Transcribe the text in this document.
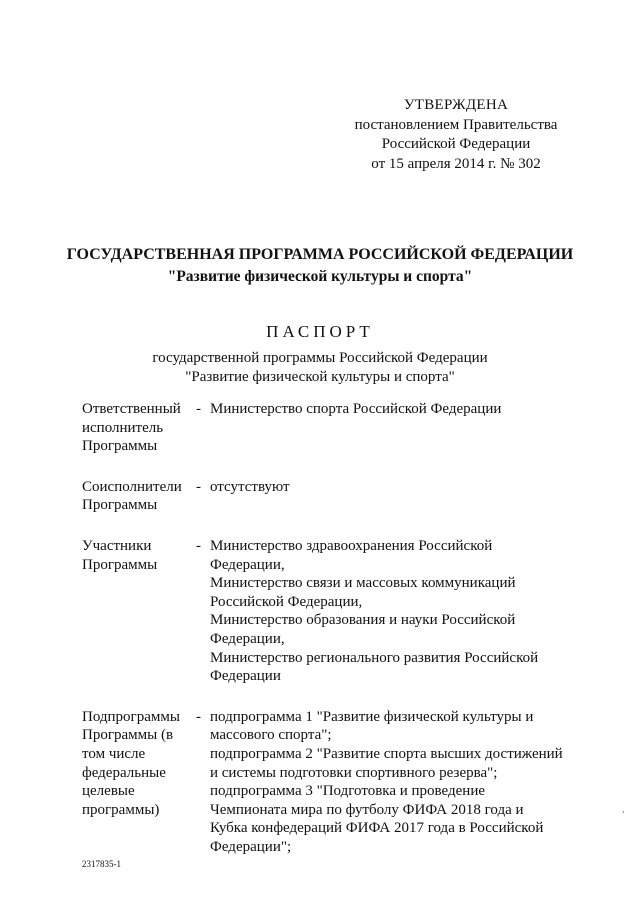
УТВЕРЖДЕНА
постановлением Правительства
Российской Федерации
от 15 апреля 2014 г. № 302
ГОСУДАРСТВЕННАЯ ПРОГРАММА РОССИЙСКОЙ ФЕДЕРАЦИИ
"Развитие физической культуры и спорта"
ПАСПОРТ
государственной программы Российской Федерации
"Развитие физической культуры и спорта"
Ответственный
исполнитель
Программы
- Министерство спорта Российской Федерации
Соисполнители
Программы
- отсутствуют
Участники
Программы
- Министерство здравоохранения Российской
Федерации,
Министерство связи и массовых коммуникаций
Российской Федерации,
Министерство образования и науки Российской
Федерации,
Министерство регионального развития Российской
Федерации
Подпрограммы
Программы (в
том числе
федеральные
целевые
программы)
- подпрограмма 1 "Развитие физической культуры и
массового спорта";
подпрограмма 2 "Развитие спорта высших достижений
и системы подготовки спортивного резерва";
подпрограмма 3 "Подготовка и проведение
Чемпионата мира по футболу ФИФА 2018 года и
Кубка конфедераций ФИФА 2017 года в Российской
Федерации";
,
2317835-1
